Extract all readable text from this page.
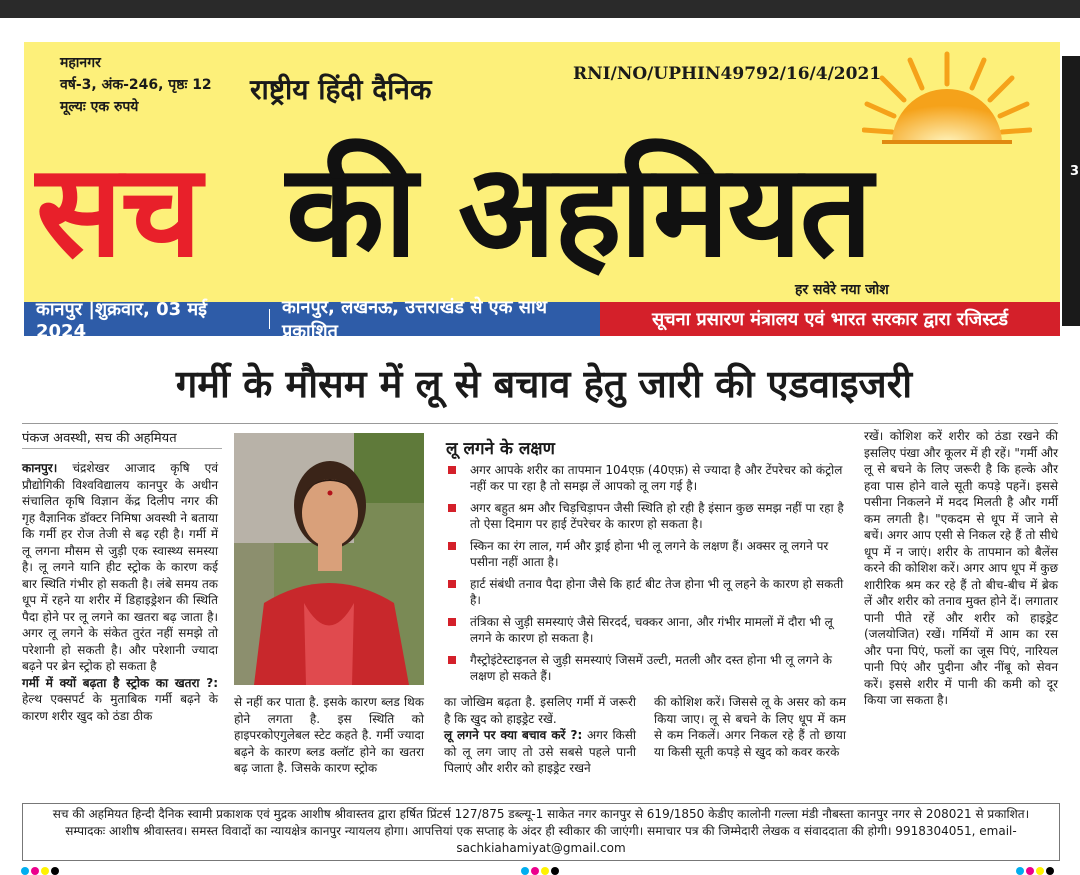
महानगर
वर्ष-3, अंक-246, पृष्ठः 12
मूल्यः एक रुपये
राष्ट्रीय हिंदी दैनिक	RNI/NO/UPHIN49792/16/4/2021
सच की अहमियत
हर सवेरे नया जोश
कानपुर |शुक्रवार, 03 मई 2024
कानपुर, लखनऊ, उत्तराखंड से एक साथ प्रकाशित
सूचना प्रसारण मंत्रालय एवं भारत सरकार द्वारा रजिस्टर्ड
3
गर्मी के मौसम में लू से बचाव हेतु जारी की एडवाइजरी
पंकज अवस्थी, सच की अहमियत
कानपुर। चंद्रशेखर आजाद कृषि एवं प्रौद्योगिकी विश्वविद्यालय कानपुर के अधीन संचालित कृषि विज्ञान केंद्र दिलीप नगर की गृह वैज्ञानिक डॉक्टर निमिषा अवस्थी ने बताया कि गर्मी हर रोज तेजी से बढ़ रही है। गर्मी में लू लगना मौसम से जुड़ी एक स्वास्थ्य समस्या है। लू लगने यानि हीट स्ट्रोक के कारण कई बार स्थिति गंभीर हो सकती है। लंबे समय तक धूप में रहने या शरीर में डिहाइड्रेशन की स्थिति पैदा होने पर लू लगने का खतरा बढ़ जाता है। अगर लू लगने के संकेत तुरंत नहीं समझे तो परेशानी हो सकती है। और परेशानी ज्यादा बढ़ने पर ब्रेन स्ट्रोक हो सकता है
गर्मी में क्यों बढ़ता है स्ट्रोक का खतरा ?: हेल्थ एक्सपर्ट के मुताबिक गर्मी बढ़ने के कारण शरीर खुद को ठंडा ठीक
से नहीं कर पाता है. इसके कारण ब्लड थिक होने लगता है. इस स्थिति को हाइपरकोएगुलेबल स्टेट कहते है. गर्मी ज्यादा बढ़ने के कारण ब्लड क्लॉट होने का खतरा बढ़ जाता है. जिसके कारण स्ट्रोक
लू लगने के लक्षण
अगर आपके शरीर का तापमान 104एफ़ (40एफ़) से ज्यादा है और टेंपरेचर को कंट्रोल नहीं कर पा रहा है तो समझ लें आपको लू लग गई है।
अगर बहुत श्रम और चिड़चिड़ापन जैसी स्थिति हो रही है इंसान कुछ समझ नहीं पा रहा है तो ऐसा दिमाग पर हाई टेंपरेचर के कारण हो सकता है।
स्किन का रंग लाल, गर्म और ड्राई होना भी लू लगने के लक्षण हैं। अक्सर लू लगने पर पसीना नहीं आता है।
हार्ट संबंधी तनाव पैदा होना जैसे कि हार्ट बीट तेज होना भी लू लहने के कारण हो सकती है।
तंत्रिका से जुड़ी समस्याएं जैसे सिरदर्द, चक्कर आना, और गंभीर मामलों में दौरा भी लू लगने के कारण हो सकता है।
गैस्ट्रोइंटेस्टाइनल से जुड़ी समस्याएं जिसमें उल्टी, मतली और दस्त होना भी लू लगने के लक्षण हो सकते हैं।
का जोखिम बढ़ता है. इसलिए गर्मी में जरूरी है कि खुद को हाइड्रेट रखें.
लू लगने पर क्या बचाव करें ?: अगर किसी को लू लग जाए तो उसे सबसे पहले पानी पिलाएं और शरीर को हाइड्रेट रखने
की कोशिश करें। जिससे लू के असर को कम किया जाए। लू से बचने के लिए धूप में कम से कम निकलें। अगर निकल रहे हैं तो छाया या किसी सूती कपड़े से खुद को कवर करके
रखें। कोशिश करें शरीर को ठंडा रखने की इसलिए पंखा और कूलर में ही रहें। "गर्मी और लू से बचने के लिए जरूरी है कि हल्के और हवा पास होने वाले सूती कपड़े पहनें। इससे पसीना निकलने में मदद मिलती है और गर्मी कम लगती है। "एकदम से धूप में जाने से बचें। अगर आप एसी से निकल रहे हैं तो सीधे धूप में न जाएं। शरीर के तापमान को बैलेंस करने की कोशिश करें। अगर आप धूप में कुछ शारीरिक श्रम कर रहे हैं तो बीच-बीच में ब्रेक लें और शरीर को तनाव मुक्त होने दें। लगातार पानी पीते रहें और शरीर को हाइड्रेट (जलयोजित) रखें। गर्मियों में आम का रस और पना पिएं, फलों का जूस पिएं, नारियल पानी पिएं और पुदीना और नींबू को सेवन करें। इससे शरीर में पानी की कमी को दूर किया जा सकता है।
सच की अहमियत हिन्दी दैनिक स्वामी प्रकाशक एवं मुद्रक आशीष श्रीवास्तव द्वारा हर्षित प्रिंटर्स 127/875 डब्ल्यू-1 साकेत नगर कानपुर से 619/1850 केडीए कालोनी गल्ला मंडी नौबस्ता कानपुर नगर से 208021 से प्रकाशित।
सम्पादकः आशीष श्रीवास्तव। समस्त विवादों का न्यायक्षेत्र कानपुर न्यायलय होगा। आपत्तियां एक सप्ताह के अंदर ही स्वीकार की जाएंगी। समाचार पत्र की जिम्मेदारी लेखक व संवाददाता की होगी। 9918304051, email-
sachkiahamiyat@gmail.com
